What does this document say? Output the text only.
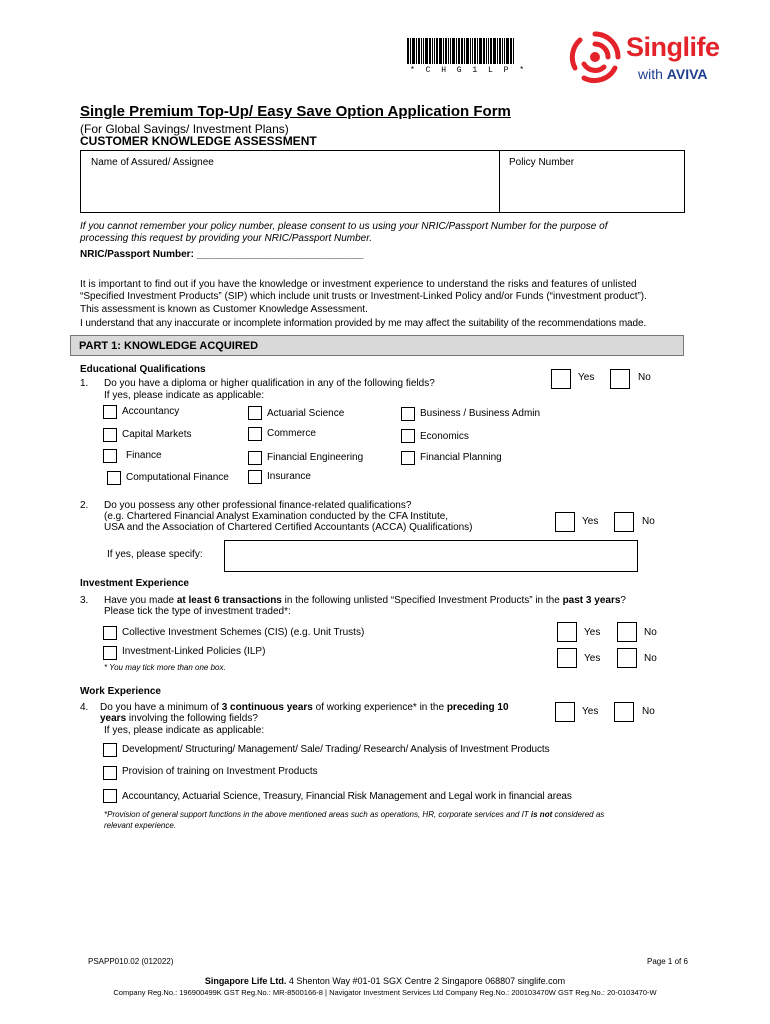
* C H G 1 L P *
Singlife
with AVIVA
Single Premium Top-Up/ Easy Save Option Application Form
(For Global Savings/ Investment Plans)
CUSTOMER KNOWLEDGE ASSESSMENT
Name of Assured/ Assignee	Policy Number
If you cannot remember your policy number, please consent to us using your NRIC/Passport Number for the purpose of
processing this request by providing your NRIC/Passport Number.
NRIC/Passport Number: ______________________________
It is important to find out if you have the knowledge or investment experience to understand the risks and features of unlisted
“Specified Investment Products” (SIP) which include unit trusts or Investment-Linked Policy and/or Funds (“investment product”).
This assessment is known as Customer Knowledge Assessment.
I understand that any inaccurate or incomplete information provided by me may affect the suitability of the recommendations made.
PART 1: KNOWLEDGE ACQUIRED
Educational Qualifications
1. Do you have a diploma or higher qualification in any of the following fields?
If yes, please indicate as applicable:
Yes	No
Accountancy	Actuarial Science	Business / Business Admin
Capital Markets	Commerce	Economics
Finance	Financial Engineering	Financial Planning
Computational Finance	Insurance
2. Do you possess any other professional finance-related qualifications?
(e.g. Chartered Financial Analyst Examination conducted by the CFA Institute,
USA and the Association of Chartered Certified Accountants (ACCA) Qualifications)
Yes	No
If yes, please specify:
Investment Experience
3. Have you made at least 6 transactions in the following unlisted “Specified Investment Products” in the past 3 years?
Please tick the type of investment traded*:
Collective Investment Schemes (CIS) (e.g. Unit Trusts)	Yes	No
Investment-Linked Policies (ILP)
Yes	No
* You may tick more than one box.
Work Experience
4. Do you have a minimum of 3 continuous years of working experience* in the preceding 10
years involving the following fields?
If yes, please indicate as applicable:
Yes	No
Development/ Structuring/ Management/ Sale/ Trading/ Research/ Analysis of Investment Products
Provision of training on Investment Products
Accountancy, Actuarial Science, Treasury, Financial Risk Management and Legal work in financial areas
*Provision of general support functions in the above mentioned areas such as operations, HR, corporate services and IT is not considered as
relevant experience.
PSAPP010.02 (012022)	Page 1 of 6
Singapore Life Ltd. 4 Shenton Way #01-01 SGX Centre 2 Singapore 068807 singlife.com
Company Reg.No.: 196900499K GST Reg.No.: MR-8500166-8 | Navigator Investment Services Ltd Company Reg.No.: 200103470W GST Reg.No.: 20-0103470-W
